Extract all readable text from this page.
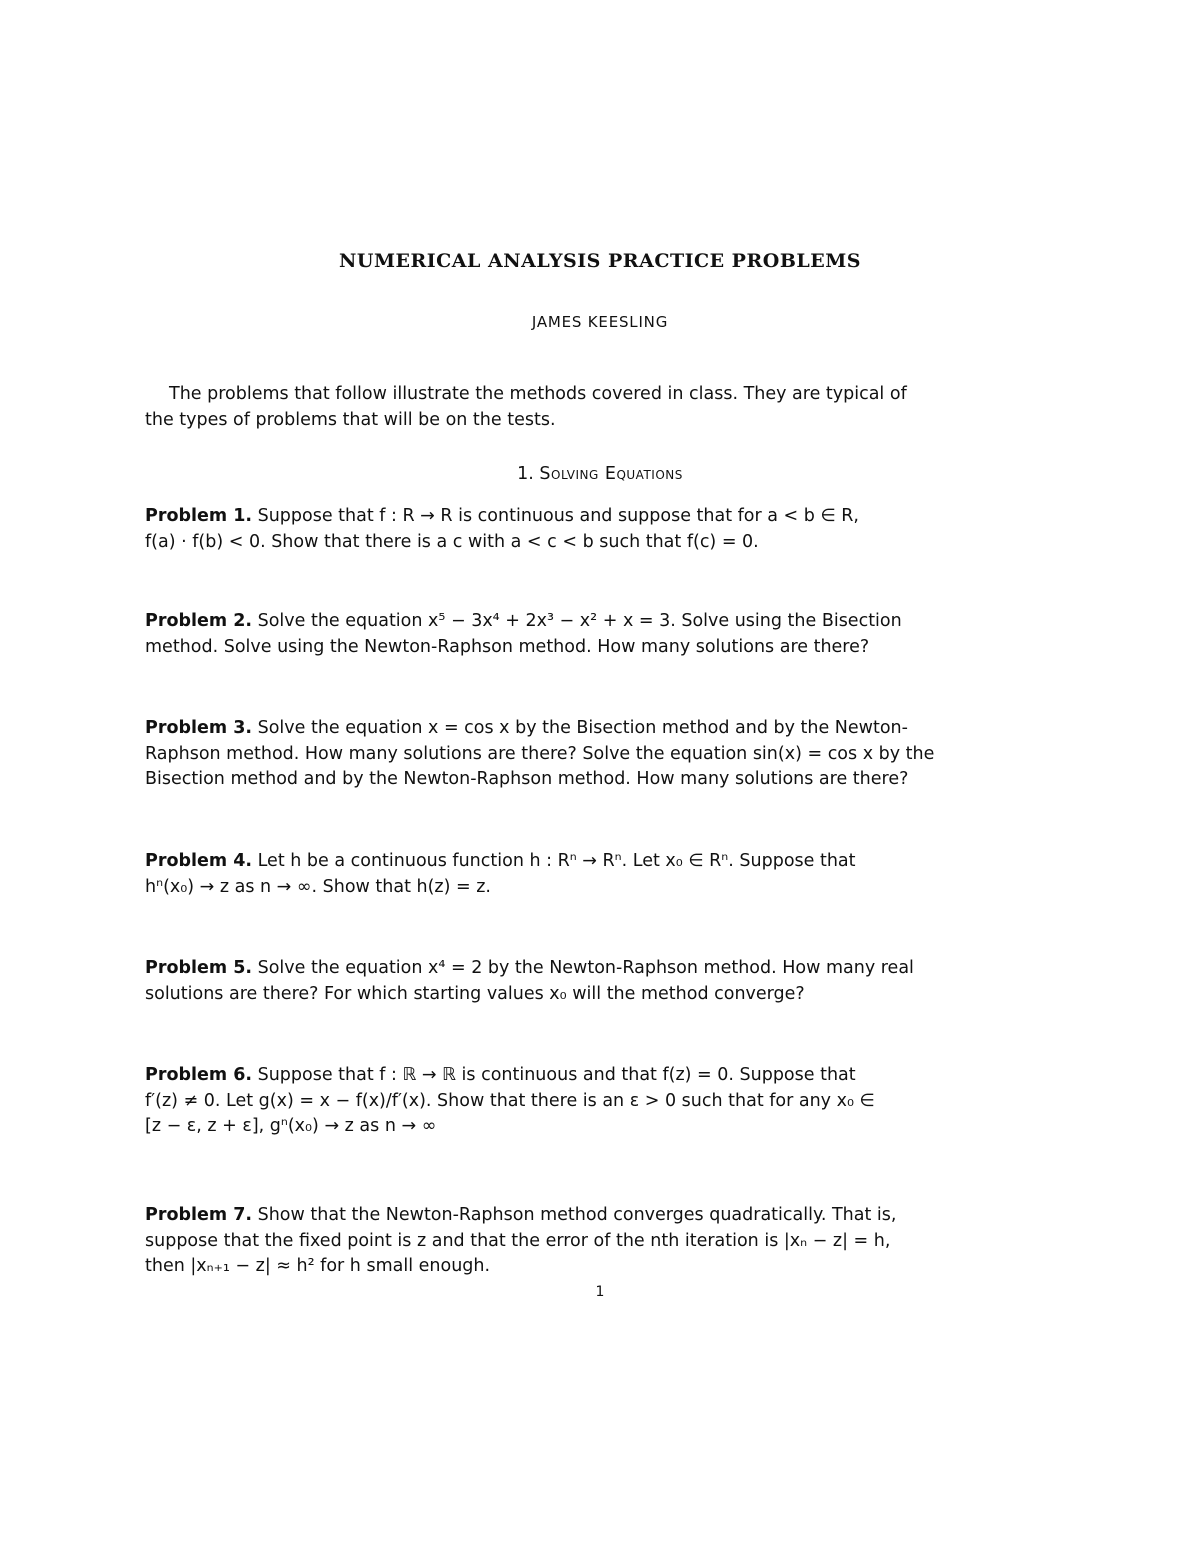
NUMERICAL ANALYSIS PRACTICE PROBLEMS
JAMES KEESLING
The problems that follow illustrate the methods covered in class. They are typical of
the types of problems that will be on the tests.
1. Solving Equations
Problem 1. Suppose that f : R → R is continuous and suppose that for a < b ∈ R,
f(a) · f(b) < 0. Show that there is a c with a < c < b such that f(c) = 0.
Problem 2. Solve the equation x⁵ − 3x⁴ + 2x³ − x² + x = 3. Solve using the Bisection
method. Solve using the Newton-Raphson method. How many solutions are there?
Problem 3. Solve the equation x = cos x by the Bisection method and by the Newton-
Raphson method. How many solutions are there? Solve the equation sin(x) = cos x by the
Bisection method and by the Newton-Raphson method. How many solutions are there?
Problem 4. Let h be a continuous function h : Rⁿ → Rⁿ. Let x₀ ∈ Rⁿ. Suppose that
hⁿ(x₀) → z as n → ∞. Show that h(z) = z.
Problem 5. Solve the equation x⁴ = 2 by the Newton-Raphson method. How many real
solutions are there? For which starting values x₀ will the method converge?
Problem 6. Suppose that f : ℝ → ℝ is continuous and that f(z) = 0. Suppose that
f′(z) ≠ 0. Let g(x) = x − f(x)/f′(x). Show that there is an ε > 0 such that for any x₀ ∈
[z − ε, z + ε], gⁿ(x₀) → z as n → ∞
Problem 7. Show that the Newton-Raphson method converges quadratically. That is,
suppose that the fixed point is z and that the error of the nth iteration is |xₙ − z| = h,
then |xₙ₊₁ − z| ≈ h² for h small enough.
1
